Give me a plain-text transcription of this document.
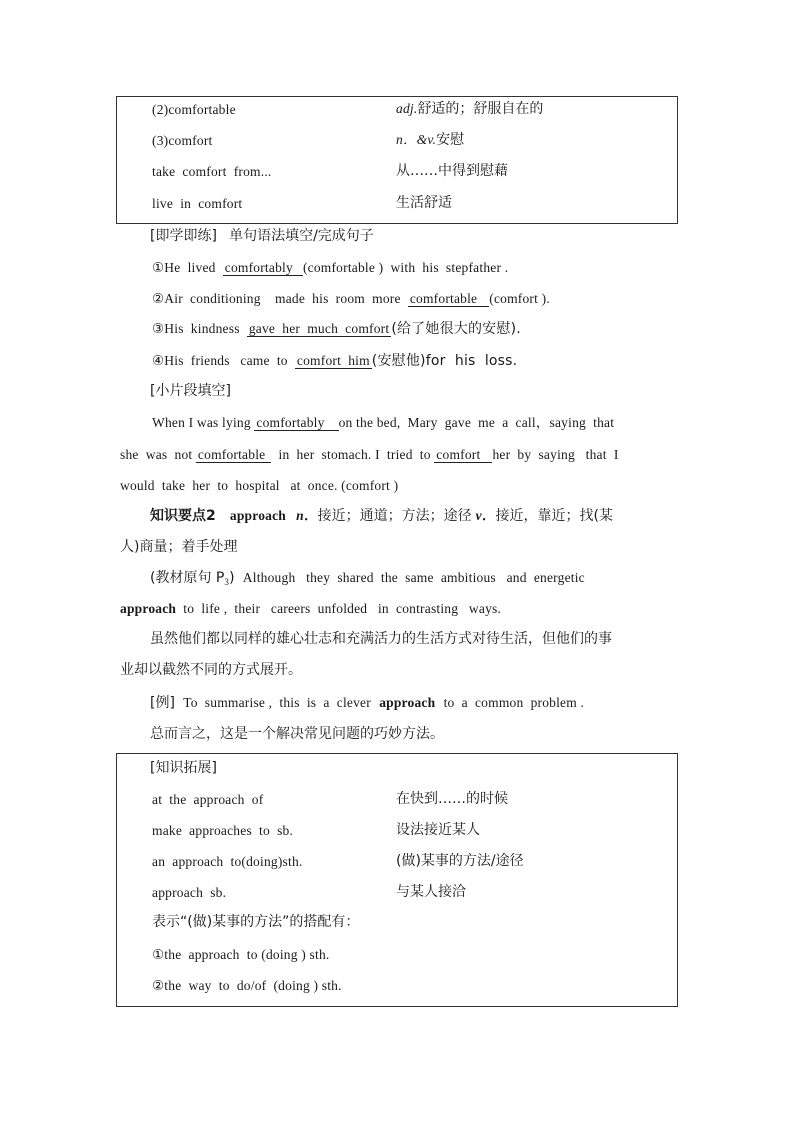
(2)comfortable	adj.舒适的；舒服自在的
(3)comfort	n．&v.安慰
take  comfort  from...	从……中得到慰藉
live  in  comfort	生活舒适
[即学即练] 单句语法填空/完成句子
①He  lived comfortably (comfortable )  with  his  stepfather .
②Air  conditioning    made  his  room  more comfortable (comfort ).
③His  kindness gave  her  much  comfort (给了她很大的安慰).
④His  friends   came  to comfort  him (安慰他)for  his  loss.
[小片段填空]
When I was lying comfortably on the bed,  Mary  gave  me  a  call，saying  that
she  was  not comfortable in  her  stomach. I  tried  to comfort her  by  saying   that  I
would  take  her  to  hospital   at  once. (comfort )
知识要点2 approach n．接近；通道；方法；途径 v．接近，靠近；找(某
人)商量；着手处理
(教材原句 $P_3$) Although   they  shared  the  same  ambitious   and  energetic
approach to  life ,  their   careers  unfolded   in  contrasting   ways.
虽然他们都以同样的雄心壮志和充满活力的生活方式对待生活，但他们的事
业却以截然不同的方式展开。
[例] To  summarise ,  this  is  a  clever approach to  a  common  problem .
总而言之，这是一个解决常见问题的巧妙方法。
[知识拓展]
at  the  approach  of	在快到……的时候
make  approaches  to  sb.	设法接近某人
an  approach  to(doing)sth.	(做)某事的方法/途径
approach  sb.	与某人接洽
表示“(做)某事的方法”的搭配有：
①the  approach  to (doing ) sth.
②the  way  to  do/of  (doing ) sth.
